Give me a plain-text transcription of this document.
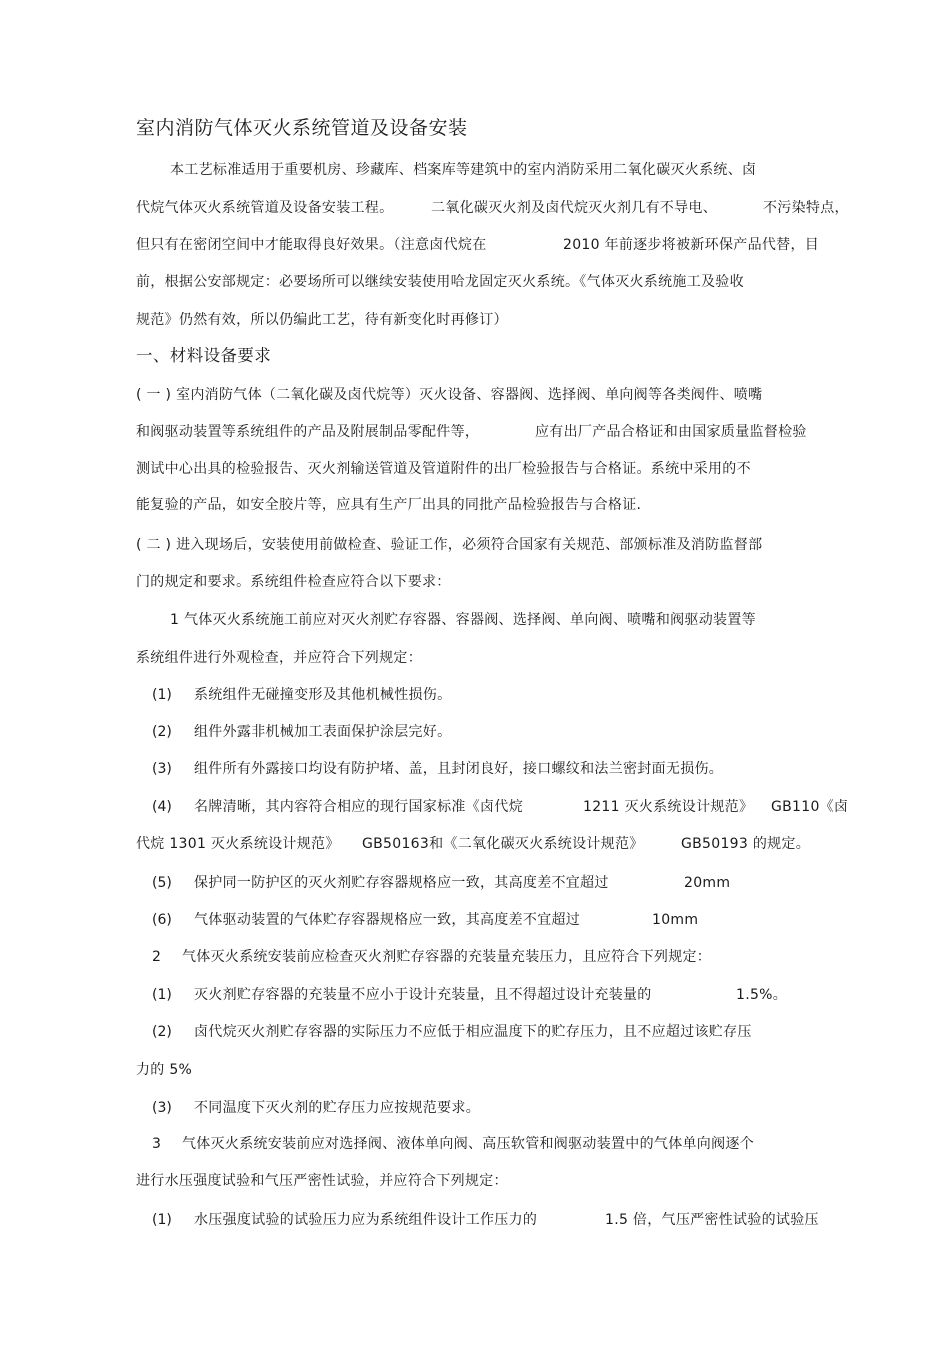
室内消防气体灭火系统管道及设备安装
本工艺标准适用于重要机房、珍藏库、档案库等建筑中的室内消防采用二氧化碳灭火系统、卤
代烷气体灭火系统管道及设备安装工程。	二氧化碳灭火剂及卤代烷灭火剂几有不导电、	不污染特点，
但只有在密闭空间中才能取得良好效果。（注意卤代烷在	2010 年前逐步将被新环保产品代替，目
前，根据公安部规定：必要场所可以继续安装使用哈龙固定灭火系统。《气体灭火系统施工及验收
规范》仍然有效，所以仍编此工艺，待有新变化时再修订）
一、材料设备要求
( 一 ) 室内消防气体（二氧化碳及卤代烷等）灭火设备、容器阀、选择阀、单向阀等各类阀件、喷嘴
和阀驱动装置等系统组件的产品及附展制品零配件等，	应有出厂产品合格证和由国家质量监督检验
测试中心出具的检验报告、灭火剂输送管道及管道附件的出厂检验报告与合格证。系统中采用的不
能复验的产品，如安全胶片等，应具有生产厂出具的同批产品检验报告与合格证.
( 二 ) 进入现场后，安装使用前做检查、验证工作，必须符合国家有关规范、部颁标准及消防监督部
门的规定和要求。系统组件检查应符合以下要求：
1 气体灭火系统施工前应对灭火剂贮存容器、容器阀、选择阀、单向阀、喷嘴和阀驱动装置等
系统组件进行外观检查，并应符合下列规定：
(1) 系统组件无碰撞变形及其他机械性损伤。
(2) 组件外露非机械加工表面保护涂层完好。
(3) 组件所有外露接口均设有防护堵、盖，且封闭良好，接口螺纹和法兰密封面无损伤。
(4) 名牌清晰，其内容符合相应的现行国家标准《卤代烷	1211 灭火系统设计规范》 GB110《卤
代烷 1301 灭火系统设计规范》 GB50163和《二氧化碳灭火系统设计规范》	GB50193 的规定。
(5) 保护同一防护区的灭火剂贮存容器规格应一致，其高度差不宜超过	20mm
(6) 气体驱动装置的气体贮存容器规格应一致，其高度差不宜超过	10mm
2 气体灭火系统安装前应检查灭火剂贮存容器的充装量充装压力，且应符合下列规定：
(1) 灭火剂贮存容器的充装量不应小于设计充装量，且不得超过设计充装量的	1.5%。
(2) 卤代烷灭火剂贮存容器的实际压力不应低于相应温度下的贮存压力，且不应超过该贮存压
力的 5%
(3) 不同温度下灭火剂的贮存压力应按规范要求。
3 气体灭火系统安装前应对选择阀、液体单向阀、高压软管和阀驱动装置中的气体单向阀逐个
进行水压强度试验和气压严密性试验，并应符合下列规定：
(1) 水压强度试验的试验压力应为系统组件设计工作压力的	1.5 倍，气压严密性试验的试验压
